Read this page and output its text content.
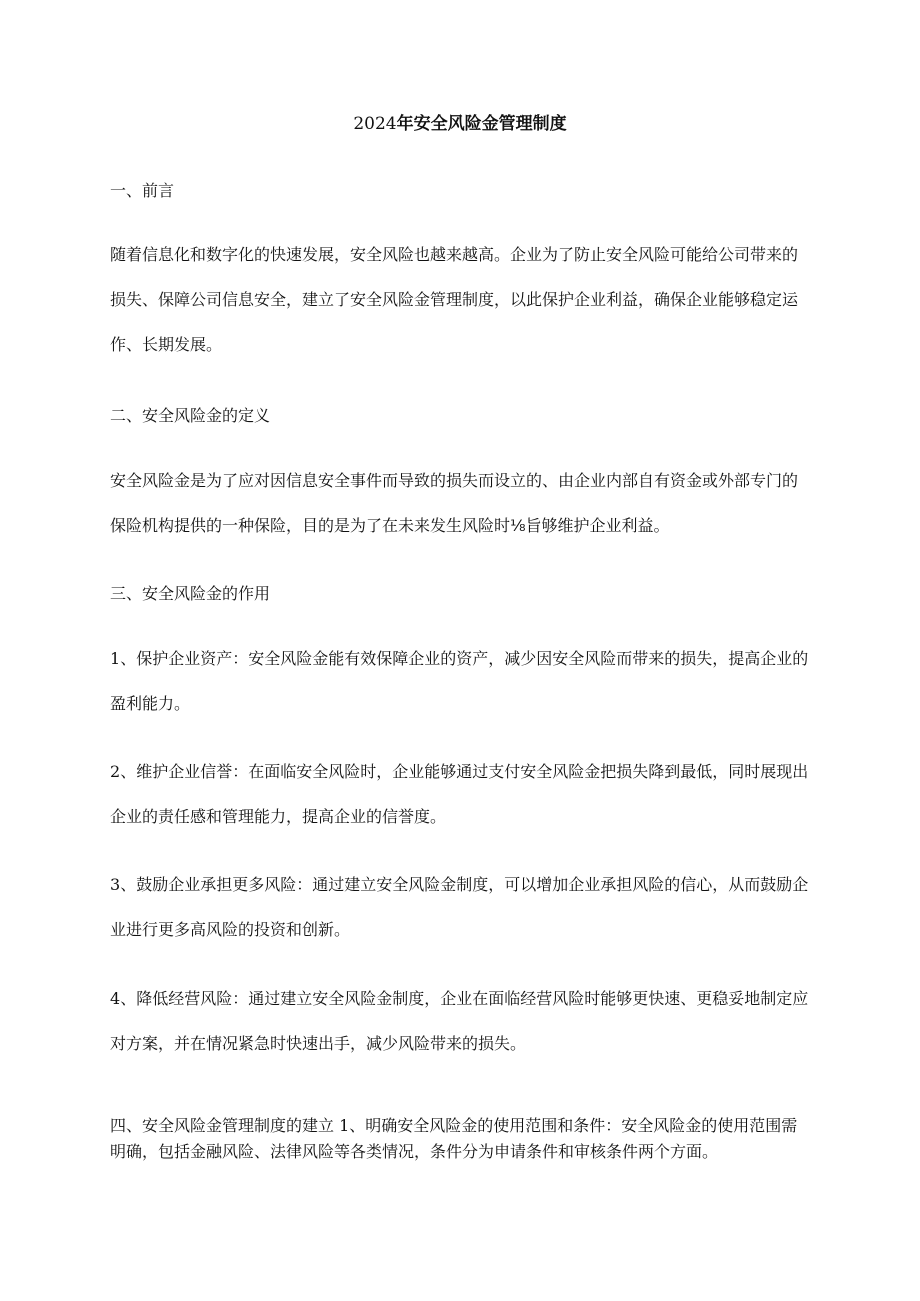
2024年安全风险金管理制度

一、前言

随着信息化和数字化的快速发展，安全风险也越来越高。企业为了防止安全风险可能给公司带来的损失、保障公司信息安全，建立了安全风险金管理制度，以此保护企业利益，确保企业能够稳定运作、长期发展。

二、安全风险金的定义

安全风险金是为了应对因信息安全事件而导致的损失而设立的、由企业内部自有资金或外部专门的保险机构提供的一种保险，目的是为了在未来发生风险时⅛旨够维护企业利益。

三、安全风险金的作用

1、保护企业资产：安全风险金能有效保障企业的资产，减少因安全风险而带来的损失，提高企业的盈利能力。

2、维护企业信誉：在面临安全风险时，企业能够通过支付安全风险金把损失降到最低，同时展现出企业的责任感和管理能力，提高企业的信誉度。

3、鼓励企业承担更多风险：通过建立安全风险金制度，可以增加企业承担风险的信心，从而鼓励企业进行更多高风险的投资和创新。

4、降低经营风险：通过建立安全风险金制度，企业在面临经营风险时能够更快速、更稳妥地制定应对方案，并在情况紧急时快速出手，减少风险带来的损失。

四、安全风险金管理制度的建立 1、明确安全风险金的使用范围和条件：安全风险金的使用范围需明确，包括金融风险、法律风险等各类情况，条件分为申请条件和审核条件两个方面。
